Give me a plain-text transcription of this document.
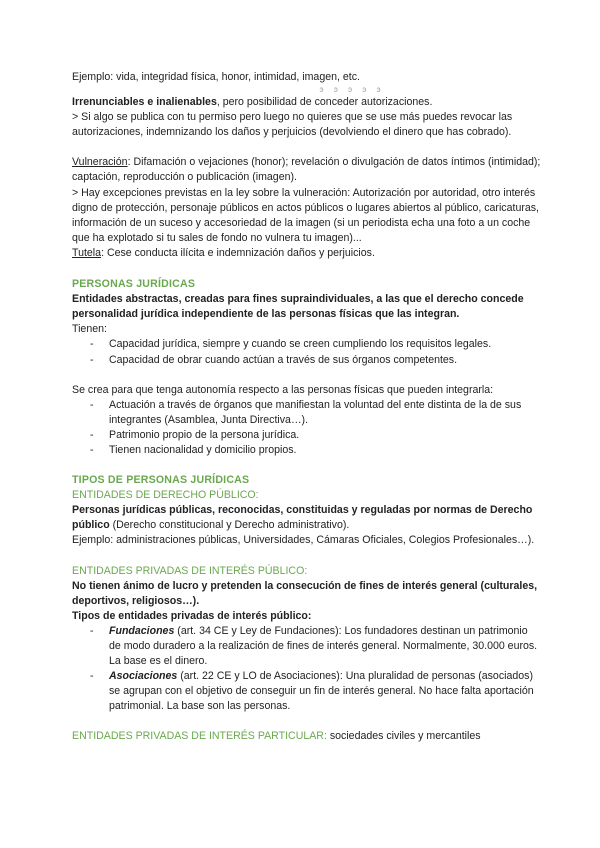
Ejemplo: vida, integridad física, honor, intimidad, imagen, etc.

ͽ ͽ ͽ ͽ ͽ

Irrenunciables e inalienables, pero posibilidad de conceder autorizaciones.

> Si algo se publica con tu permiso pero luego no quieres que se use más puedes revocar las autorizaciones, indemnizando los daños y perjuicios (devolviendo el dinero que has cobrado).

Vulneración: Difamación o vejaciones (honor); revelación o divulgación de datos íntimos (intimidad); captación, reproducción o publicación (imagen).

> Hay excepciones previstas en la ley sobre la vulneración: Autorización por autoridad, otro interés digno de protección, personaje públicos en actos públicos o lugares abiertos al público, caricaturas, información de un suceso y accesoriedad de la imagen (si un periodista echa una foto a un coche que ha explotado si tu sales de fondo no vulnera tu imagen)...

Tutela: Cese conducta ilícita e indemnización daños y perjuicios.

PERSONAS JURÍDICAS

Entidades abstractas, creadas para fines supraindividuales, a las que el derecho concede personalidad jurídica independiente de las personas físicas que las integran.

Tienen:

- Capacidad jurídica, siempre y cuando se creen cumpliendo los requisitos legales.
- Capacidad de obrar cuando actúan a través de sus órganos competentes.

Se crea para que tenga autonomía respecto a las personas físicas que pueden integrarla:

- Actuación a través de órganos que manifiestan la voluntad del ente distinta de la de sus integrantes (Asamblea, Junta Directiva…).
- Patrimonio propio de la persona jurídica.
- Tienen nacionalidad y domicilio propios.

TIPOS DE PERSONAS JURÍDICAS

ENTIDADES DE DERECHO PÚBLICO:

Personas jurídicas públicas, reconocidas, constituidas y reguladas por normas de Derecho público (Derecho constitucional y Derecho administrativo).

Ejemplo: administraciones públicas, Universidades, Cámaras Oficiales, Colegios Profesionales…).

ENTIDADES PRIVADAS DE INTERÉS PÚBLICO:

No tienen ánimo de lucro y pretenden la consecución de fines de interés general (culturales, deportivos, religiosos…).

Tipos de entidades privadas de interés público:

- Fundaciones (art. 34 CE y Ley de Fundaciones): Los fundadores destinan un patrimonio de modo duradero a la realización de fines de interés general. Normalmente, 30.000 euros. La base es el dinero.
- Asociaciones (art. 22 CE y LO de Asociaciones): Una pluralidad de personas (asociados) se agrupan con el objetivo de conseguir un fin de interés general. No hace falta aportación patrimonial. La base son las personas.

ENTIDADES PRIVADAS DE INTERÉS PARTICULAR: sociedades civiles y mercantiles
